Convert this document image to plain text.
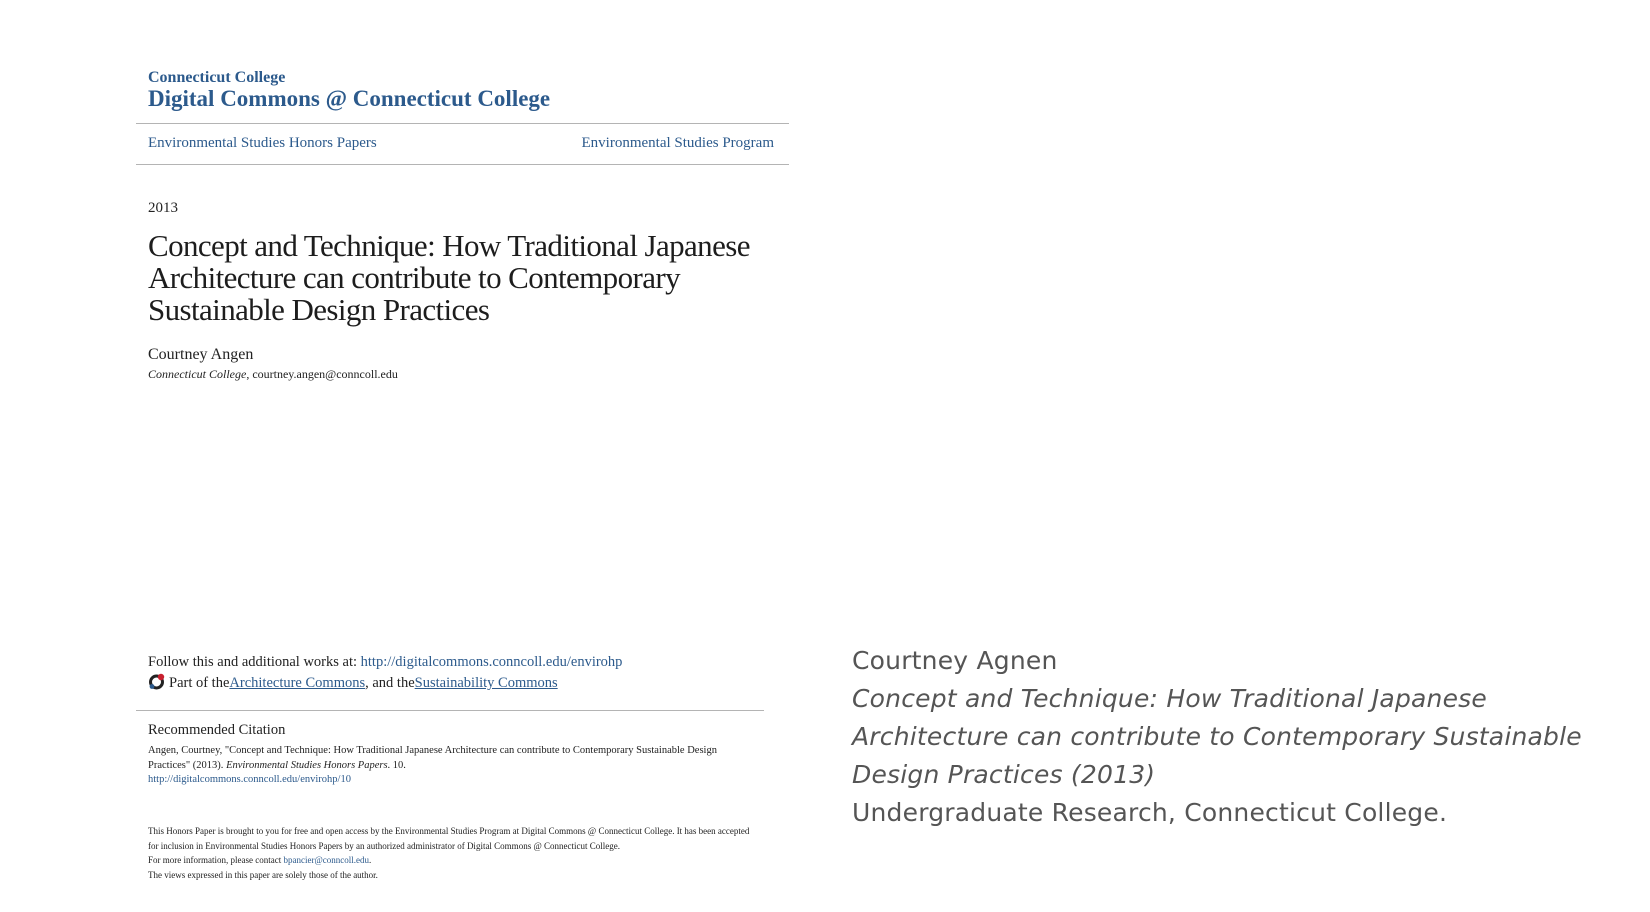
Connecticut College
Digital Commons @ Connecticut College
Environmental Studies Honors Papers	Environmental Studies Program
2013
Concept and Technique: How Traditional Japanese Architecture can contribute to Contemporary Sustainable Design Practices
Courtney Angen
Connecticut College, courtney.angen@conncoll.edu
Follow this and additional works at: http://digitalcommons.conncoll.edu/envirohp
Part of the Architecture Commons , and the Sustainability Commons
Recommended Citation
Angen, Courtney, "Concept and Technique: How Traditional Japanese Architecture can contribute to Contemporary Sustainable Design Practices" (2013). Environmental Studies Honors Papers. 10.
http://digitalcommons.conncoll.edu/envirohp/10
This Honors Paper is brought to you for free and open access by the Environmental Studies Program at Digital Commons @ Connecticut College. It has been accepted for inclusion in Environmental Studies Honors Papers by an authorized administrator of Digital Commons @ Connecticut College.
For more information, please contact bpancier@conncoll.edu.
The views expressed in this paper are solely those of the author.
Courtney Agnen
Concept and Technique: How Traditional Japanese
Architecture can contribute to Contemporary Sustainable
Design Practices (2013)
Undergraduate Research, Connecticut College.
